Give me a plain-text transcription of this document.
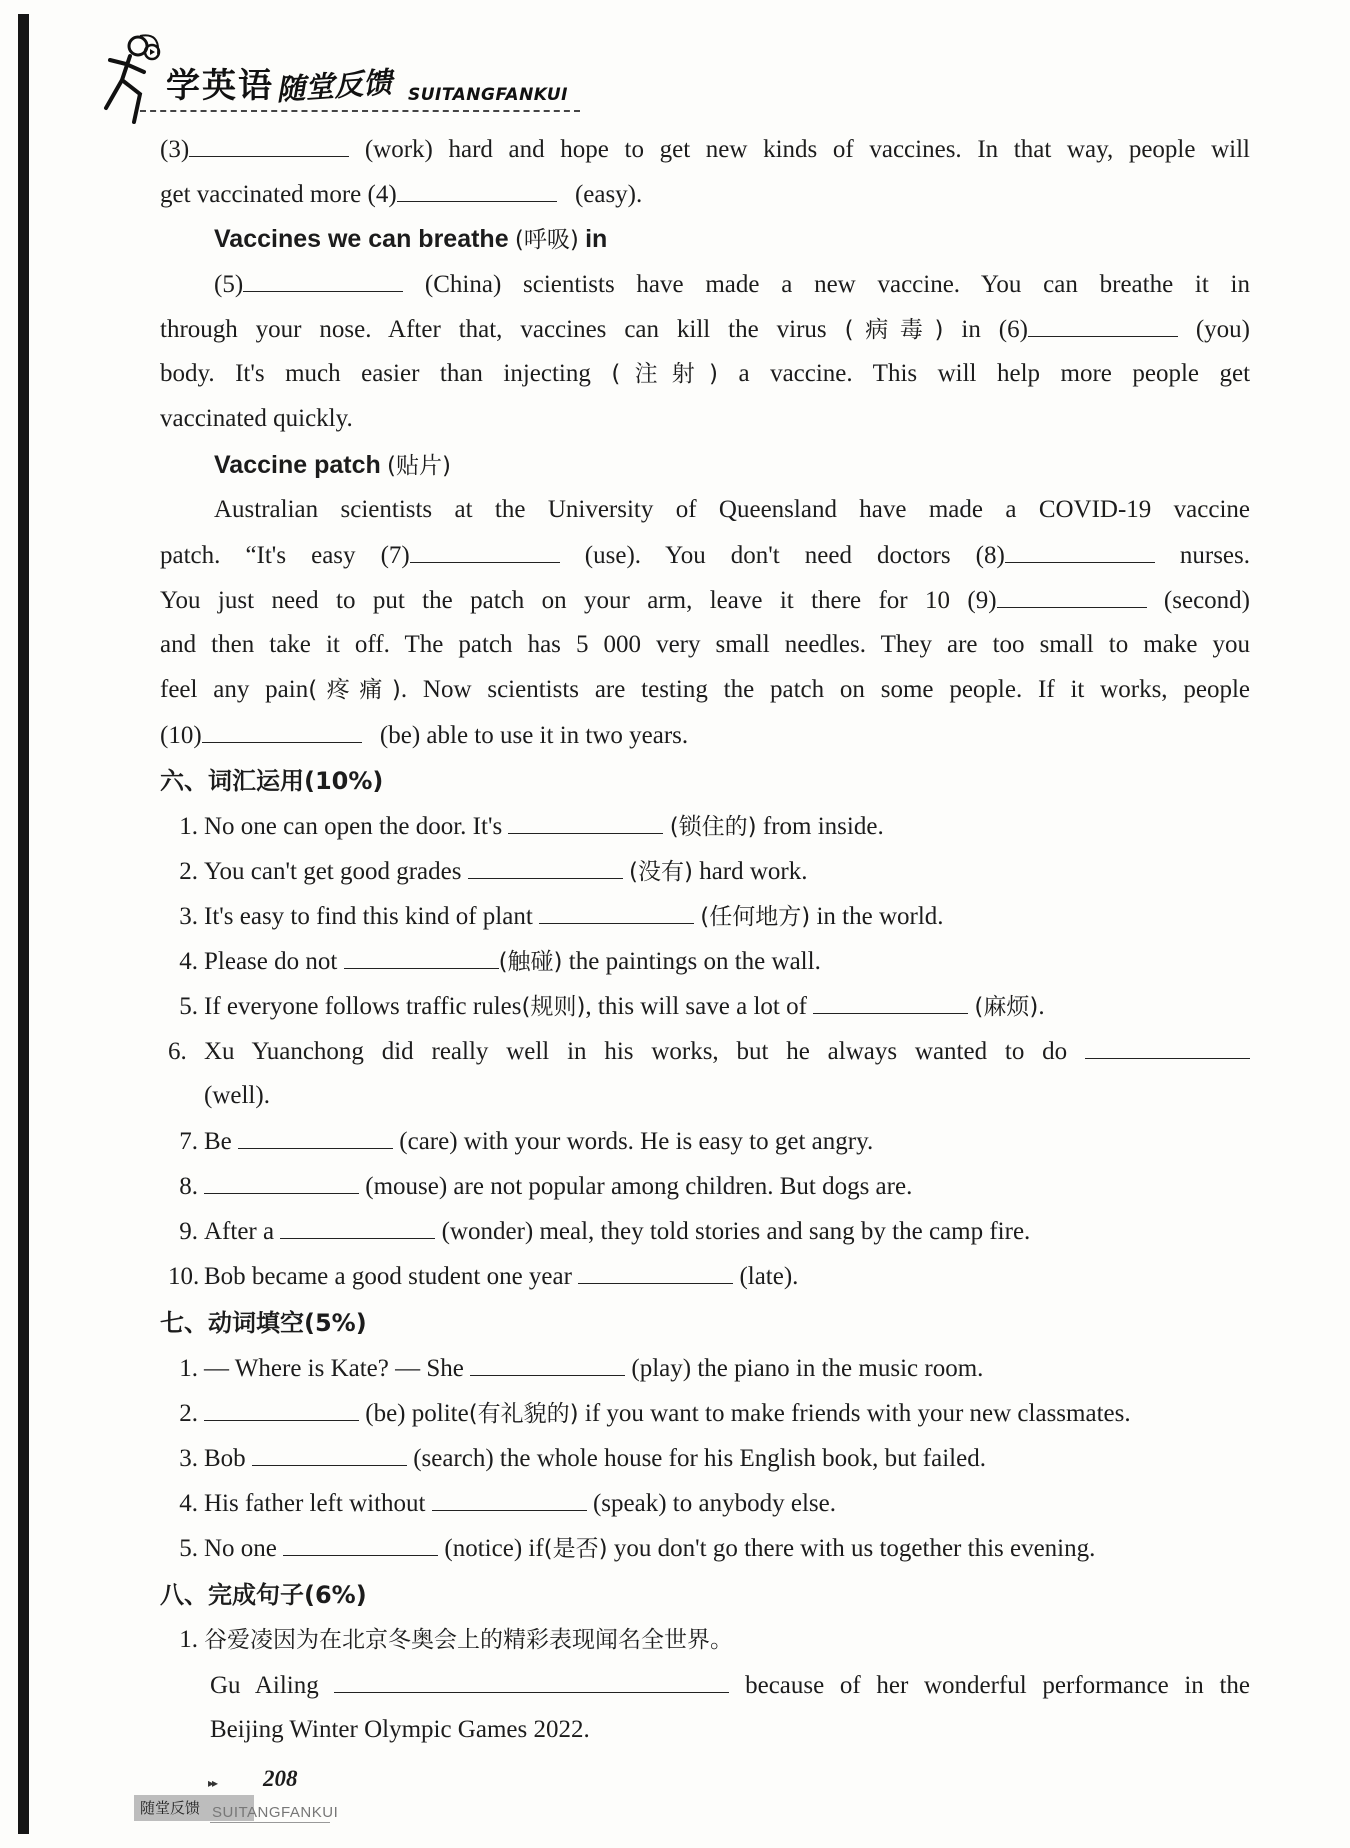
学英语 随堂反馈 SUITANGFANKUI
(3)	(work) hard and hope to get new kinds of vaccines. In that way, people will
get vaccinated more (4)	(easy).
Vaccines we can breathe (呼吸) in
(5)	(China) scientists have made a new vaccine. You can breathe it in
through your nose. After that, vaccines can kill the virus (病毒) in (6)	(you)
body. It's much easier than injecting (注射) a vaccine. This will help more people get
vaccinated quickly.
Vaccine patch (贴片)
Australian scientists at the University of Queensland have made a COVID-19 vaccine
patch. “It's easy (7)	(use). You don't need doctors (8)	nurses.
You just need to put the patch on your arm, leave it there for 10 (9)	(second)
and then take it off. The patch has 5 000 very small needles. They are too small to make you
feel any pain(疼痛). Now scientists are testing the patch on some people. If it works, people
(10)	(be) able to use it in two years.
六、词汇运用(10%)
1. No one can open the door. It's	(锁住的) from inside.
2. You can't get good grades	(没有) hard work.
3. It's easy to find this kind of plant	(任何地方) in the world.
4. Please do not	(触碰) the paintings on the wall.
5. If everyone follows traffic rules(规则), this will save a lot of	(麻烦).
6. Xu Yuanchong did really well in his works, but he always wanted to do
(well).
7. Be	(care) with your words. He is easy to get angry.
8.	(mouse) are not popular among children. But dogs are.
9. After a	(wonder) meal, they told stories and sang by the camp fire.
10. Bob became a good student one year	(late).
七、动词填空(5%)
1. — Where is Kate? — She	(play) the piano in the music room.
2.	(be) polite(有礼貌的) if you want to make friends with your new classmates.
3. Bob	(search) the whole house for his English book, but failed.
4. His father left without	(speak) to anybody else.
5. No one	(notice) if(是否) you don't go there with us together this evening.
八、完成句子(6%)
1. 谷爱凌因为在北京冬奥会上的精彩表现闻名全世界。
Gu Ailing	because of her wonderful performance in the
Beijing Winter Olympic Games 2022.
▸▸ 208
随堂反馈 SUITANGFANKUI
